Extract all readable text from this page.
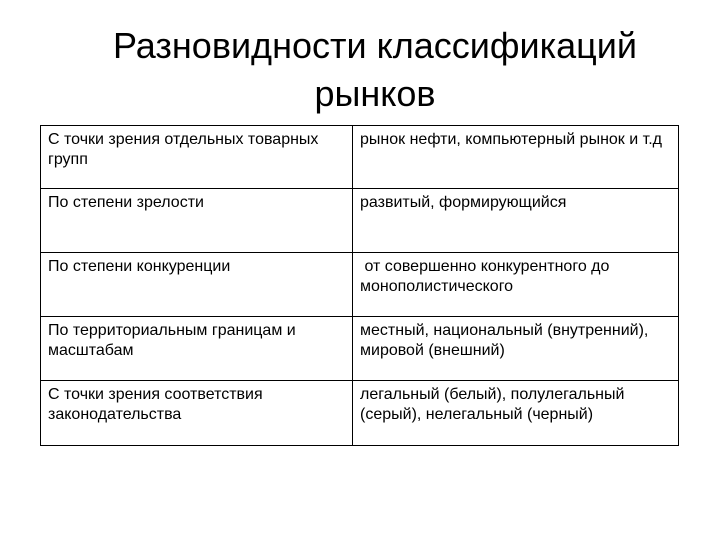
Разновидности классификаций
рынков
С точки зрения отдельных товарных групп	рынок нефти, компьютерный рынок и т.д
По степени зрелости	развитый, формирующийся
По степени конкуренции	от совершенно конкурентного до монополистического
По территориальным границам и масштабам	местный, национальный (внутренний), мировой (внешний)
С точки зрения соответствия законодательства	легальный (белый), полулегальный (серый), нелегальный (черный)
